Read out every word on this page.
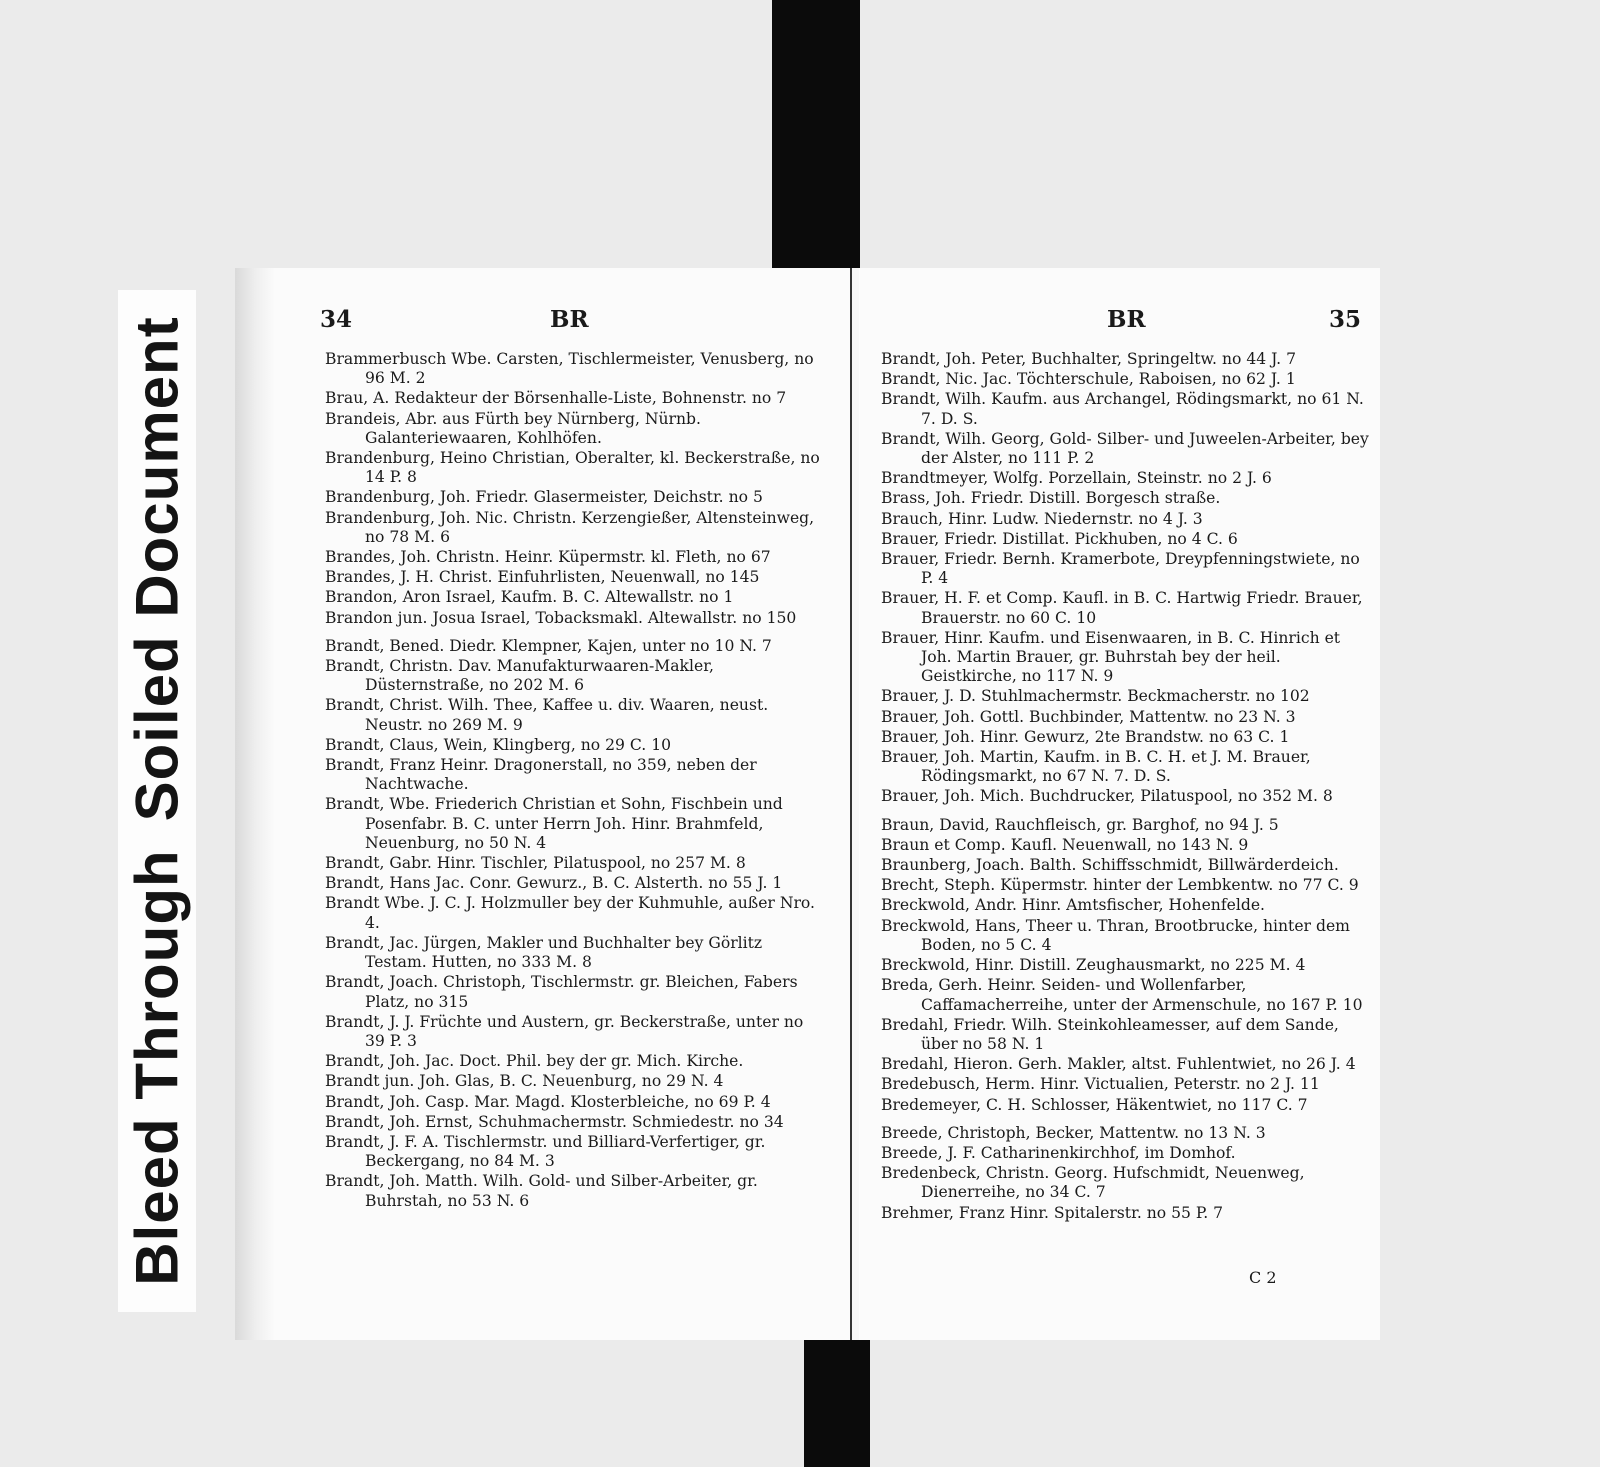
Bleed ThroughSoiled Document	34	BR
Brammerbusch Wbe. Carsten, Tischlermeister, Venusberg, no 96 M. 2
Brau, A. Redakteur der Börsenhalle-Liste, Bohnenstr. no 7
Brandeis, Abr. aus Fürth bey Nürnberg, Nürnb. Galanteriewaaren, Kohlhöfen.
Brandenburg, Heino Christian, Oberalter, kl. Beckerstraße, no 14 P. 8
Brandenburg, Joh. Friedr. Glasermeister, Deichstr. no 5
Brandenburg, Joh. Nic. Christn. Kerzengießer, Altensteinweg, no 78 M. 6
Brandes, Joh. Christn. Heinr. Küpermstr. kl. Fleth, no 67
Brandes, J. H. Christ. Einfuhrlisten, Neuenwall, no 145
Brandon, Aron Israel, Kaufm. B. C. Altewallstr. no 1
Brandon jun. Josua Israel, Tobacksmakl. Altewallstr. no 150
Brandt, Bened. Diedr. Klempner, Kajen, unter no 10 N. 7
Brandt, Christn. Dav. Manufakturwaaren-Makler, Düsternstraße, no 202 M. 6
Brandt, Christ. Wilh. Thee, Kaffee u. div. Waaren, neust. Neustr. no 269 M. 9
Brandt, Claus, Wein, Klingberg, no 29 C. 10
Brandt, Franz Heinr. Dragonerstall, no 359, neben der Nachtwache.
Brandt, Wbe. Friederich Christian et Sohn, Fischbein und Posenfabr. B. C. unter Herrn Joh. Hinr. Brahmfeld, Neuenburg, no 50 N. 4
Brandt, Gabr. Hinr. Tischler, Pilatuspool, no 257 M. 8
Brandt, Hans Jac. Conr. Gewurz., B. C. Alsterth. no 55 J. 1
Brandt Wbe. J. C. J. Holzmuller bey der Kuhmuhle, außer Nro. 4.
Brandt, Jac. Jürgen, Makler und Buchhalter bey Görlitz Testam. Hutten, no 333 M. 8
Brandt, Joach. Christoph, Tischlermstr. gr. Bleichen, Fabers Platz, no 315
Brandt, J. J. Früchte und Austern, gr. Beckerstraße, unter no 39 P. 3
Brandt, Joh. Jac. Doct. Phil. bey der gr. Mich. Kirche.
Brandt jun. Joh. Glas, B. C. Neuenburg, no 29 N. 4
Brandt, Joh. Casp. Mar. Magd. Klosterbleiche, no 69 P. 4
Brandt, Joh. Ernst, Schuhmachermstr. Schmiedestr. no 34
Brandt, J. F. A. Tischlermstr. und Billiard-Verfertiger, gr. Beckergang, no 84 M. 3
Brandt, Joh. Matth. Wilh. Gold- und Silber-Arbeiter, gr. Buhrstah, no 53 N. 6
BR	35
Brandt, Joh. Peter, Buchhalter, Springeltw. no 44 J. 7
Brandt, Nic. Jac. Töchterschule, Raboisen, no 62 J. 1
Brandt, Wilh. Kaufm. aus Archangel, Rödingsmarkt, no 61 N. 7. D. S.
Brandt, Wilh. Georg, Gold- Silber- und Juweelen-Arbeiter, bey der Alster, no 111 P. 2
Brandtmeyer, Wolfg. Porzellain, Steinstr. no 2 J. 6
Brass, Joh. Friedr. Distill. Borgesch straße.
Brauch, Hinr. Ludw. Niedernstr. no 4 J. 3
Brauer, Friedr. Distillat. Pickhuben, no 4 C. 6
Brauer, Friedr. Bernh. Kramerbote, Dreypfenningstwiete, no P. 4
Brauer, H. F. et Comp. Kaufl. in B. C. Hartwig Friedr. Brauer, Brauerstr. no 60 C. 10
Brauer, Hinr. Kaufm. und Eisenwaaren, in B. C. Hinrich et Joh. Martin Brauer, gr. Buhrstah bey der heil. Geistkirche, no 117 N. 9
Brauer, J. D. Stuhlmachermstr. Beckmacherstr. no 102
Brauer, Joh. Gottl. Buchbinder, Mattentw. no 23 N. 3
Brauer, Joh. Hinr. Gewurz, 2te Brandstw. no 63 C. 1
Brauer, Joh. Martin, Kaufm. in B. C. H. et J. M. Brauer, Rödingsmarkt, no 67 N. 7. D. S.
Brauer, Joh. Mich. Buchdrucker, Pilatuspool, no 352 M. 8
Braun, David, Rauchfleisch, gr. Barghof, no 94 J. 5
Braun et Comp. Kaufl. Neuenwall, no 143 N. 9
Braunberg, Joach. Balth. Schiffsschmidt, Billwärderdeich.
Brecht, Steph. Küpermstr. hinter der Lembkentw. no 77 C. 9
Breckwold, Andr. Hinr. Amtsfischer, Hohenfelde.
Breckwold, Hans, Theer u. Thran, Brootbrucke, hinter dem Boden, no 5 C. 4
Breckwold, Hinr. Distill. Zeughausmarkt, no 225 M. 4
Breda, Gerh. Heinr. Seiden- und Wollenfarber, Caffamacherreihe, unter der Armenschule, no 167 P. 10
Bredahl, Friedr. Wilh. Steinkohleamesser, auf dem Sande, über no 58 N. 1
Bredahl, Hieron. Gerh. Makler, altst. Fuhlentwiet, no 26 J. 4
Bredebusch, Herm. Hinr. Victualien, Peterstr. no 2 J. 11
Bredemeyer, C. H. Schlosser, Häkentwiet, no 117 C. 7
Breede, Christoph, Becker, Mattentw. no 13 N. 3
Breede, J. F. Catharinenkirchhof, im Domhof.
Bredenbeck, Christn. Georg. Hufschmidt, Neuenweg, Dienerreihe, no 34 C. 7
Brehmer, Franz Hinr. Spitalerstr. no 55 P. 7
C 2
